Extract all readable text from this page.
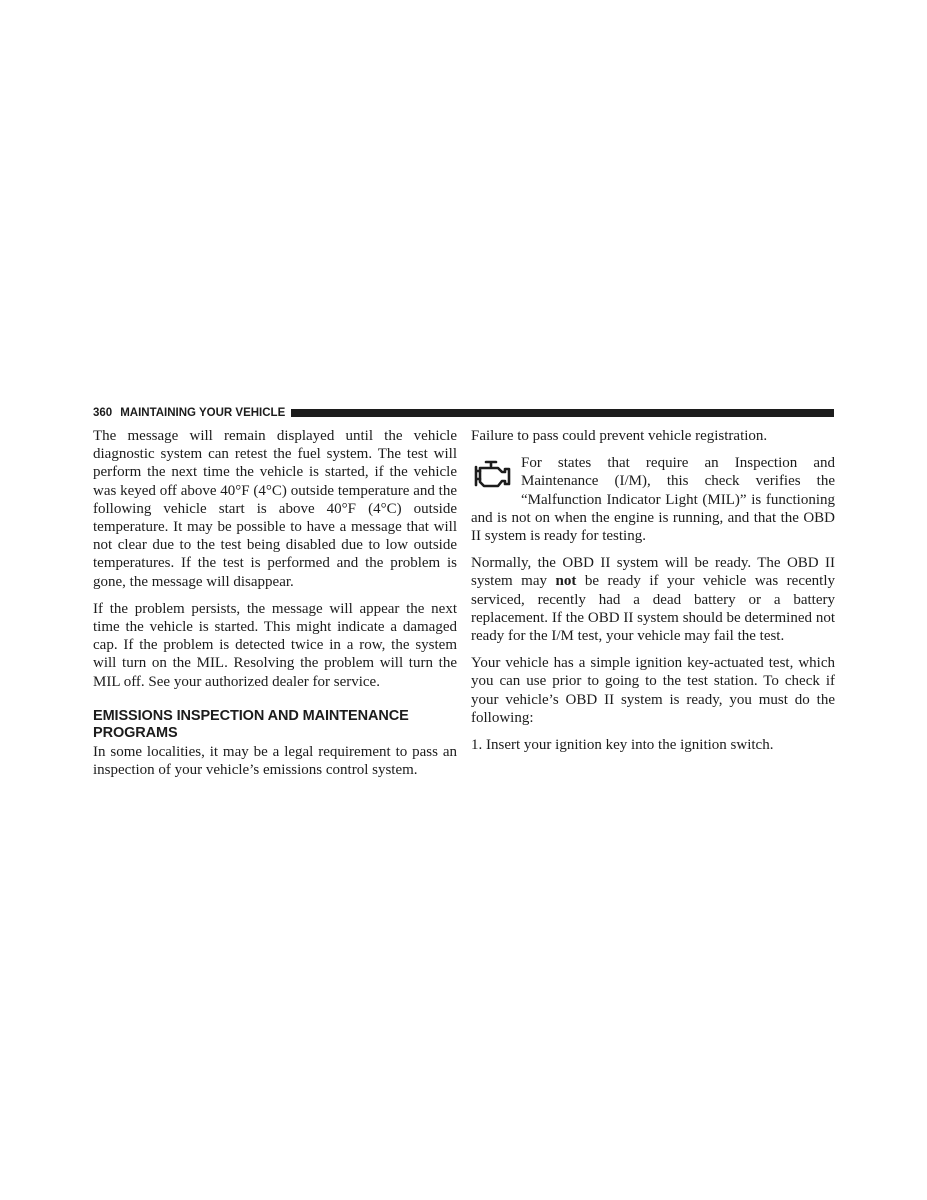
360 MAINTAINING YOUR VEHICLE

The message will remain displayed until the vehicle diagnostic system can retest the fuel system. The test will perform the next time the vehicle is started, if the vehicle was keyed off above 40°F (4°C) outside temperature and the following vehicle start is above 40°F (4°C) outside temperature. It may be possible to have a message that will not clear due to the test being disabled due to low outside temperatures. If the test is performed and the problem is gone, the message will disappear.

If the problem persists, the message will appear the next time the vehicle is started. This might indicate a damaged cap. If the problem is detected twice in a row, the system will turn on the MIL. Resolving the problem will turn the MIL off. See your authorized dealer for service.

EMISSIONS INSPECTION AND MAINTENANCE PROGRAMS

In some localities, it may be a legal requirement to pass an inspection of your vehicle’s emissions control system.

Failure to pass could prevent vehicle registration.

For states that require an Inspection and Maintenance (I/M), this check verifies the “Malfunction Indicator Light (MIL)” is functioning and is not on when the engine is running, and that the OBD II system is ready for testing.

Normally, the OBD II system will be ready. The OBD II system may not be ready if your vehicle was recently serviced, recently had a dead battery or a battery replacement. If the OBD II system should be determined not ready for the I/M test, your vehicle may fail the test.

Your vehicle has a simple ignition key-actuated test, which you can use prior to going to the test station. To check if your vehicle’s OBD II system is ready, you must do the following:

1. Insert your ignition key into the ignition switch.
